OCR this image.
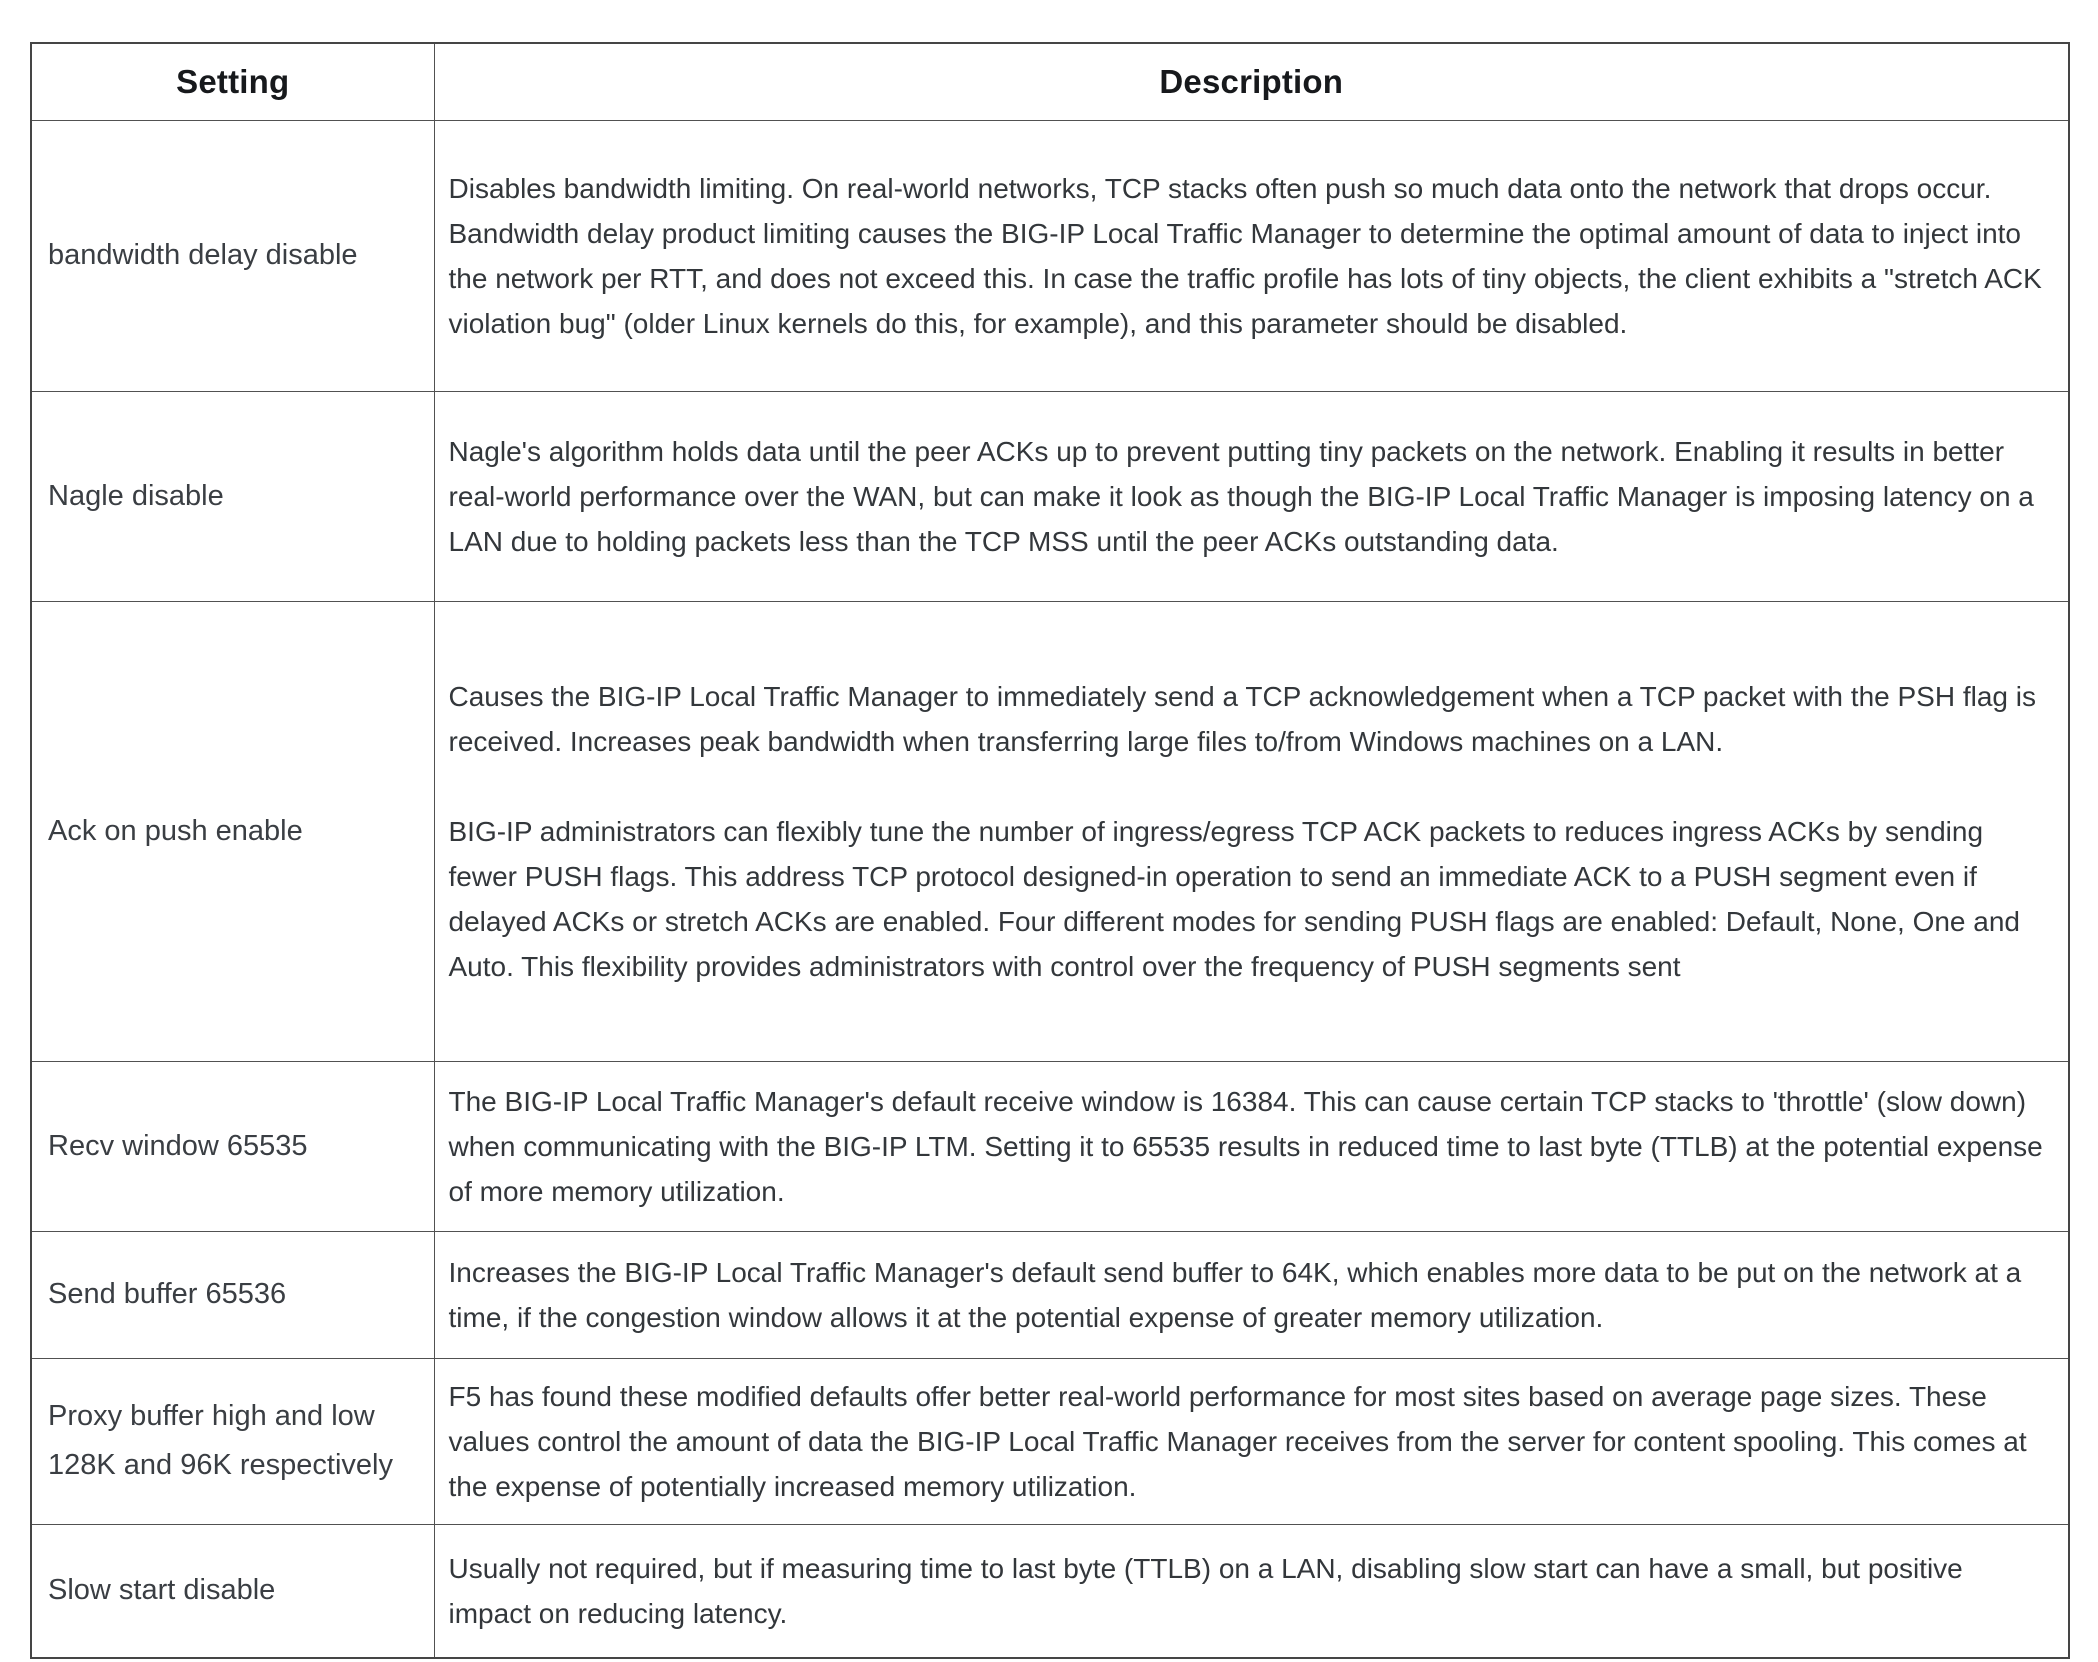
Setting	Description
bandwidth delay disable	Disables bandwidth limiting. On real-world networks, TCP stacks often push so much data onto the network that drops occur. Bandwidth delay product limiting causes the BIG-IP Local Traffic Manager to determine the optimal amount of data to inject into the network per RTT, and does not exceed this. In case the traffic profile has lots of tiny objects, the client exhibits a "stretch ACK violation bug" (older Linux kernels do this, for example), and this parameter should be disabled.

Nagle disable	Nagle's algorithm holds data until the peer ACKs up to prevent putting tiny packets on the network. Enabling it results in better real-world performance over the WAN, but can make it look as though the BIG-IP Local Traffic Manager is imposing latency on a LAN due to holding packets less than the TCP MSS until the peer ACKs outstanding data.

Ack on push enable	Causes the BIG-IP Local Traffic Manager to immediately send a TCP acknowledgement when a TCP packet with the PSH flag is received. Increases peak bandwidth when transferring large files to/from Windows machines on a LAN.

BIG-IP administrators can flexibly tune the number of ingress/egress TCP ACK packets to reduces ingress ACKs by sending fewer PUSH flags. This address TCP protocol designed-in operation to send an immediate ACK to a PUSH segment even if delayed ACKs or stretch ACKs are enabled. Four different modes for sending PUSH flags are enabled: Default, None, One and Auto. This flexibility provides administrators with control over the frequency of PUSH segments sent

Recv window 65535	The BIG-IP Local Traffic Manager's default receive window is 16384. This can cause certain TCP stacks to 'throttle' (slow down) when communicating with the BIG-IP LTM. Setting it to 65535 results in reduced time to last byte (TTLB) at the potential expense of more memory utilization.

Send buffer 65536	Increases the BIG-IP Local Traffic Manager's default send buffer to 64K, which enables more data to be put on the network at a time, if the congestion window allows it at the potential expense of greater memory utilization.

Proxy buffer high and low 128K and 96K respectively	F5 has found these modified defaults offer better real-world performance for most sites based on average page sizes. These values control the amount of data the BIG-IP Local Traffic Manager receives from the server for content spooling. This comes at the expense of potentially increased memory utilization.

Slow start disable	Usually not required, but if measuring time to last byte (TTLB) on a LAN, disabling slow start can have a small, but positive impact on reducing latency.
